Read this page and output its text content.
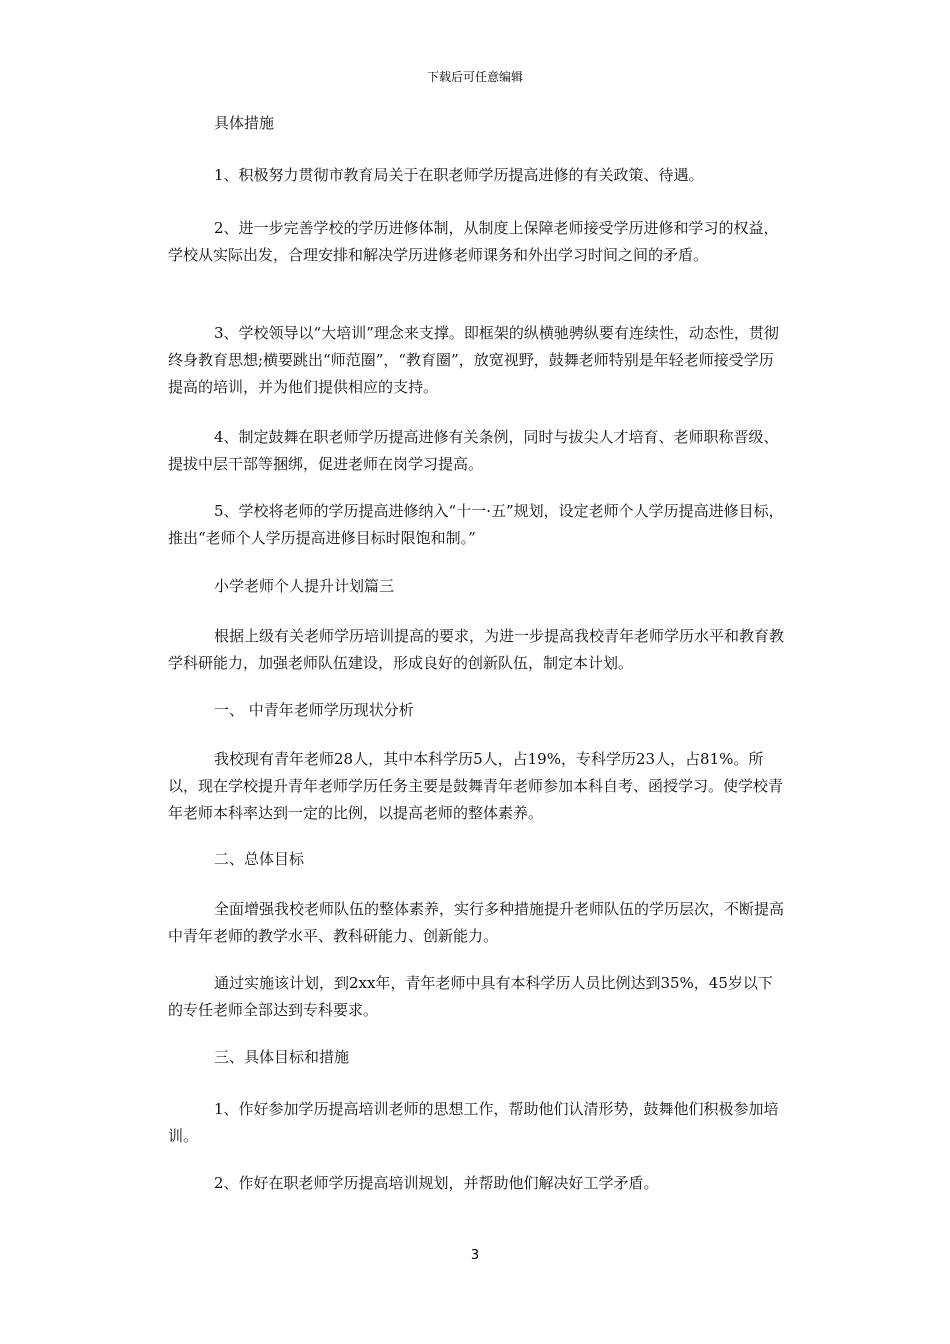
下载后可任意编辑

具体措施

1、积极努力贯彻市教育局关于在职老师学历提高进修的有关政策、待遇。

2、进一步完善学校的学历进修体制，从制度上保障老师接受学历进修和学习的权益，学校从实际出发，合理安排和解决学历进修老师课务和外出学习时间之间的矛盾。

3、学校领导以“大培训”理念来支撑。即框架的纵横驰骋纵要有连续性，动态性，贯彻终身教育思想;横要跳出“师范圈”，“教育圈”，放宽视野，鼓舞老师特别是年轻老师接受学历提高的培训，并为他们提供相应的支持。

4、制定鼓舞在职老师学历提高进修有关条例，同时与拔尖人才培育、老师职称晋级、提拔中层干部等捆绑，促进老师在岗学习提高。

5、学校将老师的学历提高进修纳入“十一·五”规划，设定老师个人学历提高进修目标，推出“老师个人学历提高进修目标时限饱和制。”

小学老师个人提升计划篇三

根据上级有关老师学历培训提高的要求，为进一步提高我校青年老师学历水平和教育教学科研能力，加强老师队伍建设，形成良好的创新队伍，制定本计划。

一、 中青年老师学历现状分析

我校现有青年老师28人，其中本科学历5人，占19%，专科学历23人，占81%。所以，现在学校提升青年老师学历任务主要是鼓舞青年老师参加本科自考、函授学习。使学校青年老师本科率达到一定的比例，以提高老师的整体素养。

二、总体目标

全面增强我校老师队伍的整体素养，实行多种措施提升老师队伍的学历层次，不断提高中青年老师的教学水平、教科研能力、创新能力。

通过实施该计划，到2xx年，青年老师中具有本科学历人员比例达到35%，45岁以下的专任老师全部达到专科要求。

三、具体目标和措施

1、作好参加学历提高培训老师的思想工作，帮助他们认清形势，鼓舞他们积极参加培训。

2、作好在职老师学历提高培训规划，并帮助他们解决好工学矛盾。

3
